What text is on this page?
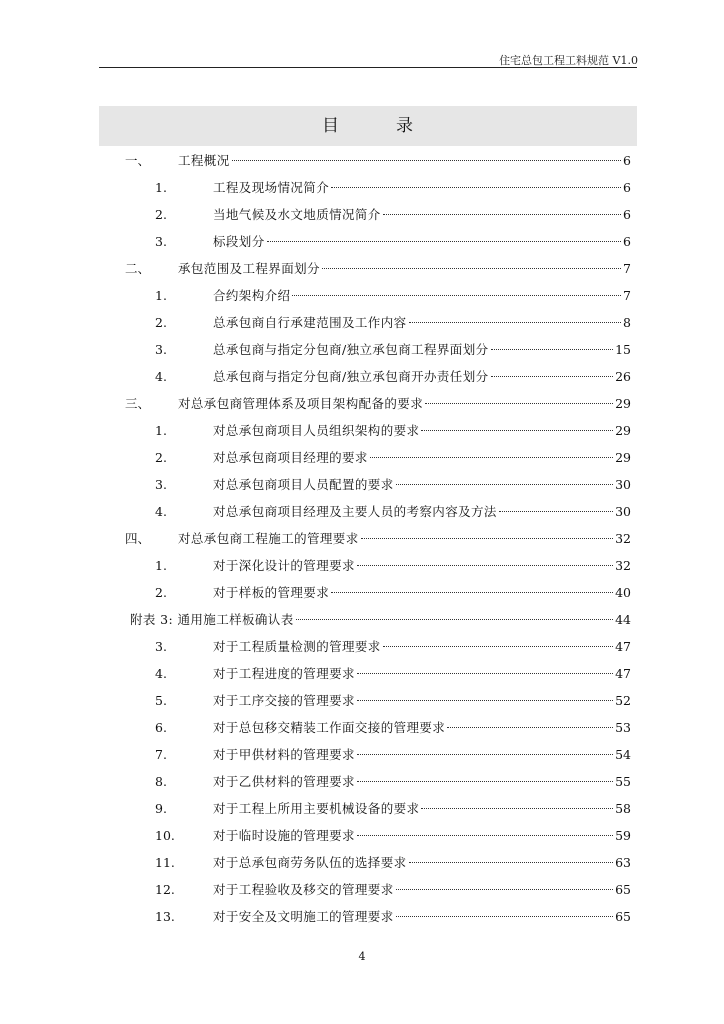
住宅总包工程工料规范 V1.0
目	录
一、 工程概况	6
1.	工程及现场情况简介	6
2.	当地气候及水文地质情况简介	6
3.	标段划分	6
二、 承包范围及工程界面划分	7
1.	合约架构介绍	7
2.	总承包商自行承建范围及工作内容	8
3.	总承包商与指定分包商/独立承包商工程界面划分	15
4.	总承包商与指定分包商/独立承包商开办责任划分	26
三、 对总承包商管理体系及项目架构配备的要求	29
1.	对总承包商项目人员组织架构的要求	29
2.	对总承包商项目经理的要求	29
3.	对总承包商项目人员配置的要求	30
4.	对总承包商项目经理及主要人员的考察内容及方法	30
四、 对总承包商工程施工的管理要求	32
1.	对于深化设计的管理要求	32
2.	对于样板的管理要求	40
附表 3: 通用施工样板确认表	44
3.	对于工程质量检测的管理要求	47
4.	对于工程进度的管理要求	47
5.	对于工序交接的管理要求	52
6.	对于总包移交精装工作面交接的管理要求	53
7.	对于甲供材料的管理要求	54
8.	对于乙供材料的管理要求	55
9.	对于工程上所用主要机械设备的要求	58
10.	对于临时设施的管理要求	59
11.	对于总承包商劳务队伍的选择要求	63
12.	对于工程验收及移交的管理要求	65
13.	对于安全及文明施工的管理要求	65
4
